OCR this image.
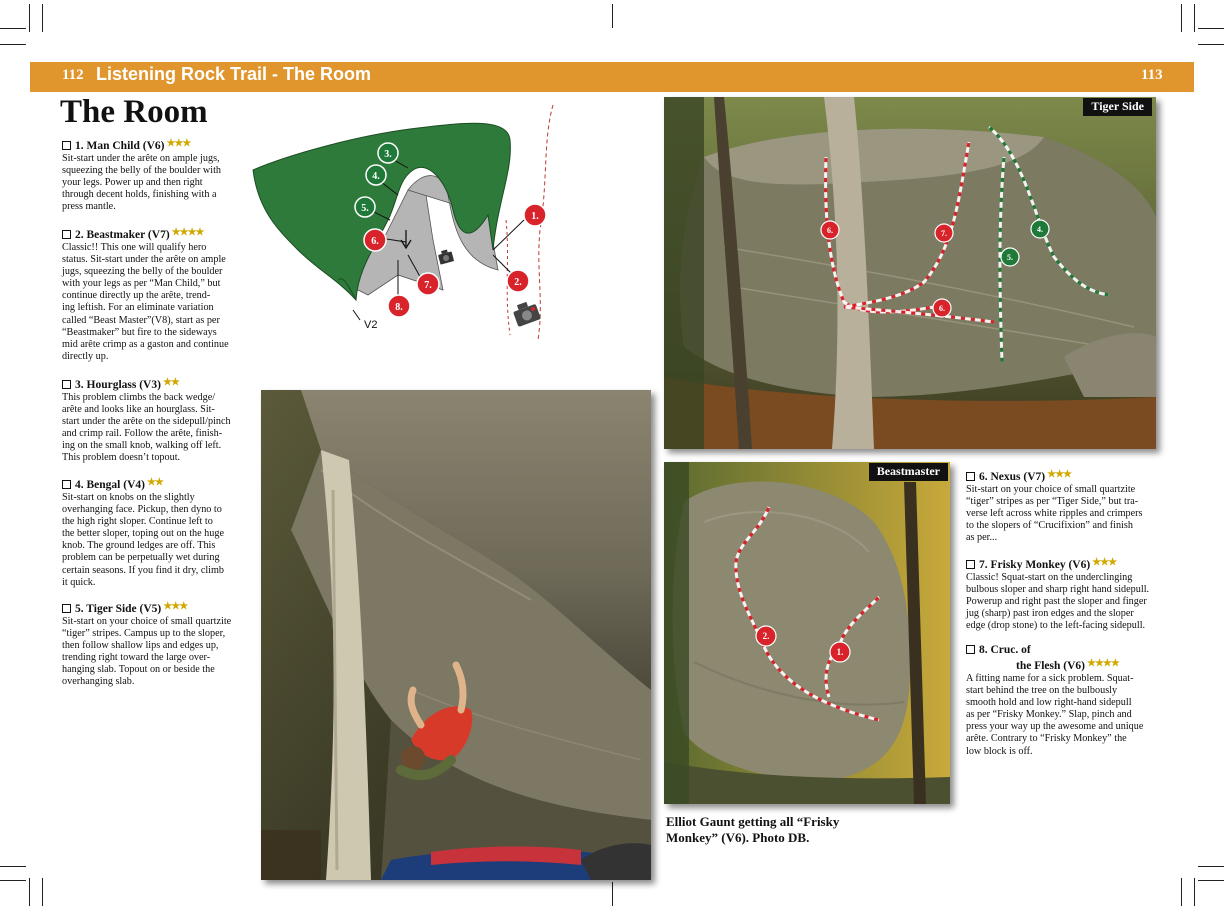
112 Listening Rock Trail - The Room	113
The Room
1. Man Child (V6) ★★★

Sit-start under the arête on ample jugs,

squeezing the belly of the boulder with

your legs. Power up and then right

through decent holds, finishing with a

press mantle.

2. Beastmaker (V7) ★★★★

Classic!! This one will qualify hero

status. Sit-start under the arête on ample

jugs, squeezing the belly of the boulder

with your legs as per “Man Child,” but

continue directly up the arête, trend-

ing leftish. For an eliminate variation

called “Beast Master”(V8), start as per

“Beastmaker” but fire to the sideways

mid arête crimp as a gaston and continue

directly up.

3. Hourglass (V3) ★★

This problem climbs the back wedge/

arête and looks like an hourglass. Sit-

start under the arête on the sidepull/pinch

and crimp rail. Follow the arête, finish-

ing on the small knob, walking off left.

This problem doesn’t topout.

4. Bengal (V4) ★★

Sit-start on knobs on the slightly

overhanging face. Pickup, then dyno to

the high right sloper. Continue left to

the better sloper, toping out on the huge

knob. The ground ledges are off. This

problem can be perpetually wet during

certain seasons. If you find it dry, climb

it quick.

5. Tiger Side (V5) ★★★

Sit-start on your choice of small quartzite

“tiger” stripes. Campus up to the sloper,

then follow shallow lips and edges up,

trending right toward the large over-

hanging slab. Topout on or beside the

overhanging slab.

3.
4.
5.
6.
7.
8.
1.
2.
V2
4.
5.
6.	7.
6.
Tiger Side
2.
1.
Beastmaster	6. Nexus (V7) ★★★

Sit-start on your choice of small quartzite

“tiger” stripes as per “Tiger Side,” but tra-

verse left across white ripples and crimpers

to the slopers of “Crucifixion” and finish

as per...

7. Frisky Monkey (V6) ★★★

Classic! Squat-start on the underclinging

bulbous sloper and sharp right hand sidepull.

Powerup and right past the sloper and finger

jug (sharp) past iron edges and the sloper

edge (drop stone) to the left-facing sidepull.

8. Cruc. of
the Flesh (V6) ★★★★

A fitting name for a sick problem. Squat-

start behind the tree on the bulbously

smooth hold and low right-hand sidepull

as per “Frisky Monkey.” Slap, pinch and

press your way up the awesome and unique

arête. Contrary to “Frisky Monkey” the

low block is off.

Elliot Gaunt getting all “Frisky
Monkey” (V6). Photo DB.
